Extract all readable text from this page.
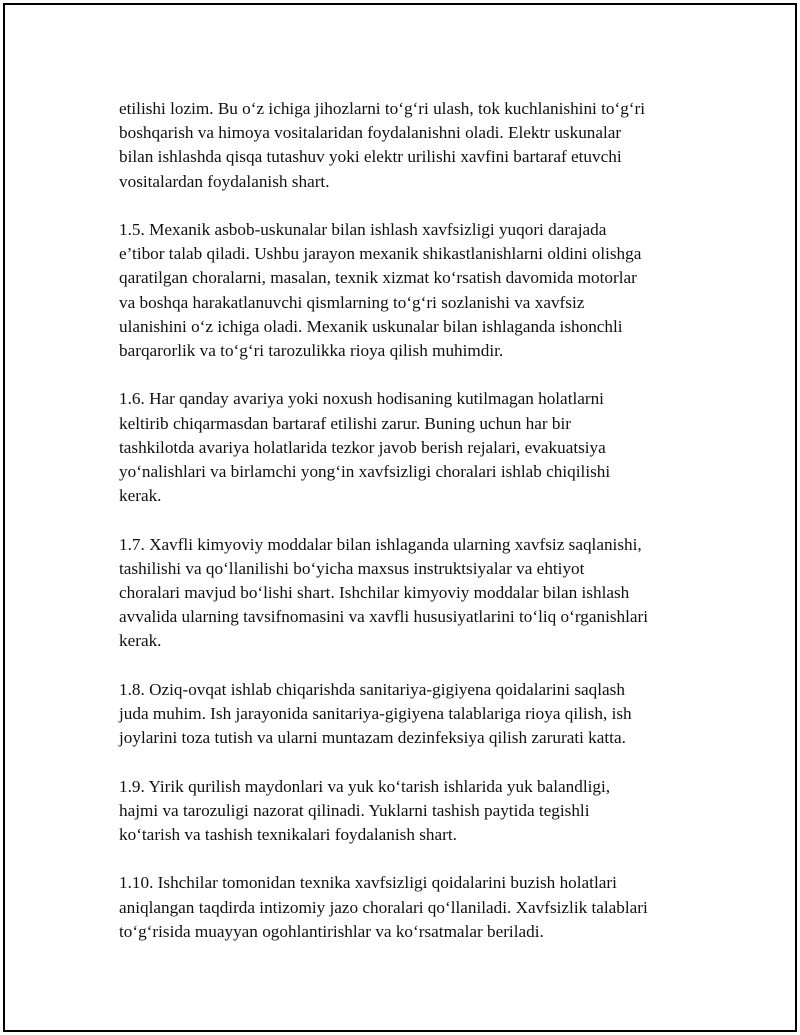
etilishi lozim. Bu o‘z ichiga jihozlarni to‘g‘ri ulash, tok kuchlanishini to‘g‘ri
boshqarish va himoya vositalaridan foydalanishni oladi. Elektr uskunalar
bilan ishlashda qisqa tutashuv yoki elektr urilishi xavfini bartaraf etuvchi
vositalardan foydalanish shart.

1.5. Mexanik asbob-uskunalar bilan ishlash xavfsizligi yuqori darajada
e’tibor talab qiladi. Ushbu jarayon mexanik shikastlanishlarni oldini olishga
qaratilgan choralarni, masalan, texnik xizmat ko‘rsatish davomida motorlar
va boshqa harakatlanuvchi qismlarning to‘g‘ri sozlanishi va xavfsiz
ulanishini o‘z ichiga oladi. Mexanik uskunalar bilan ishlaganda ishonchli
barqarorlik va to‘g‘ri tarozulikka rioya qilish muhimdir.

1.6. Har qanday avariya yoki noxush hodisaning kutilmagan holatlarni
keltirib chiqarmasdan bartaraf etilishi zarur. Buning uchun har bir
tashkilotda avariya holatlarida tezkor javob berish rejalari, evakuatsiya
yo‘nalishlari va birlamchi yong‘in xavfsizligi choralari ishlab chiqilishi
kerak.

1.7. Xavfli kimyoviy moddalar bilan ishlaganda ularning xavfsiz saqlanishi,
tashilishi va qo‘llanilishi bo‘yicha maxsus instruktsiyalar va ehtiyot
choralari mavjud bo‘lishi shart. Ishchilar kimyoviy moddalar bilan ishlash
avvalida ularning tavsifnomasini va xavfli hususiyatlarini to‘liq o‘rganishlari
kerak.

1.8. Oziq-ovqat ishlab chiqarishda sanitariya-gigiyena qoidalarini saqlash
juda muhim. Ish jarayonida sanitariya-gigiyena talablariga rioya qilish, ish
joylarini toza tutish va ularni muntazam dezinfeksiya qilish zarurati katta.

1.9. Yirik qurilish maydonlari va yuk ko‘tarish ishlarida yuk balandligi,
hajmi va tarozuligi nazorat qilinadi. Yuklarni tashish paytida tegishli
ko‘tarish va tashish texnikalari foydalanish shart.

1.10. Ishchilar tomonidan texnika xavfsizligi qoidalarini buzish holatlari
aniqlangan taqdirda intizomiy jazo choralari qo‘llaniladi. Xavfsizlik talablari
to‘g‘risida muayyan ogohlantirishlar va ko‘rsatmalar beriladi.
